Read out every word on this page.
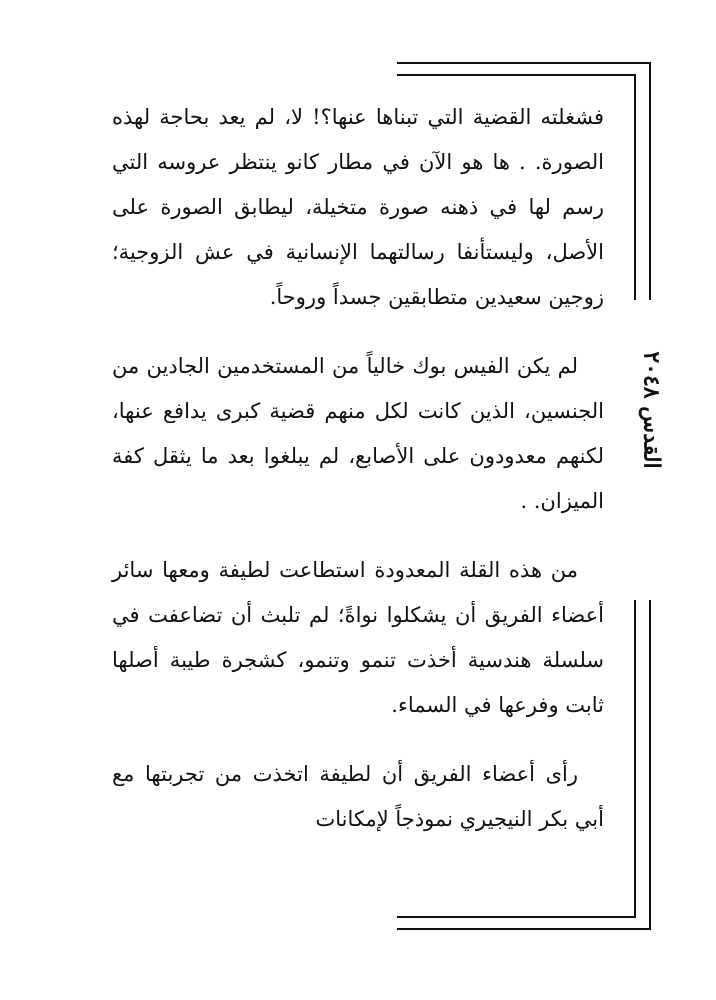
القدس ٢٠٤٨

فشغلته القضية التي تبناها عنها؟! لا، لم يعد بحاجة لهذه الصورة. . ها هو الآن في مطار كانو ينتظر عروسه التي رسم لها في ذهنه صورة متخيلة، ليطابق الصورة على الأصل، وليستأنفا رسالتهما الإنسانية في عش الزوجية؛ زوجين سعيدين متطابقين جسداً وروحاً.

لم يكن الفيس بوك خالياً من المستخدمين الجادين من الجنسين، الذين كانت لكل منهم قضية كبرى يدافع عنها، لكنهم معدودون على الأصابع، لم يبلغوا بعد ما يثقل كفة الميزان. .

من هذه القلة المعدودة استطاعت لطيفة ومعها سائر أعضاء الفريق أن يشكلوا نواةً؛ لم تلبث أن تضاعفت في سلسلة هندسية أخذت تنمو وتنمو، كشجرة طيبة أصلها ثابت وفرعها في السماء.

رأى أعضاء الفريق أن لطيفة اتخذت من تجربتها مع أبي بكر النيجيري نموذجاً لإمكانات
